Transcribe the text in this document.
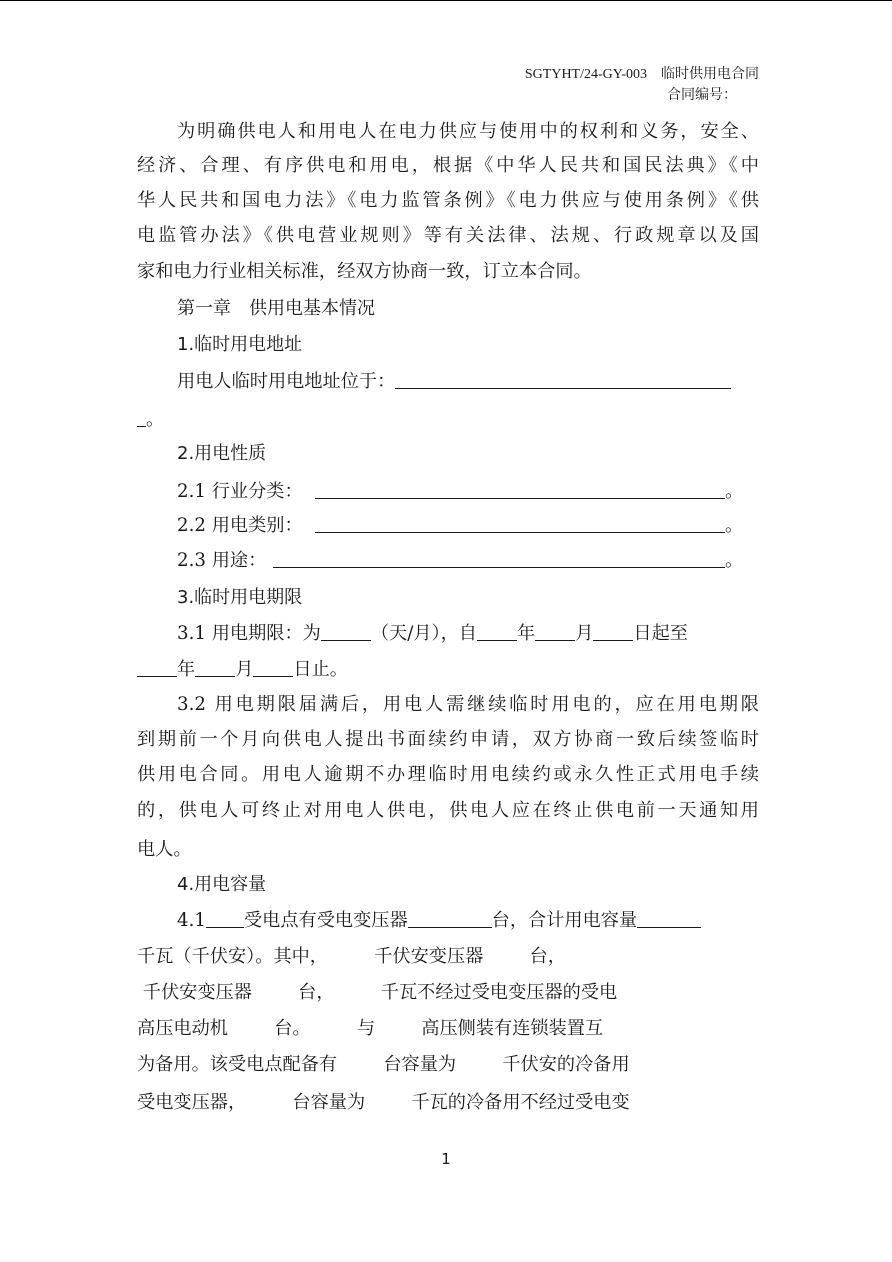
SGTYHT/24-GY-003 临时供用电合同
合同编号：
为明确供电人和用电人在电力供应与使用中的权利和义务，安全、
经济、合理、有序供电和用电，根据《中华人民共和国民法典》《中
华人民共和国电力法》《电力监管条例》《电力供应与使用条例》《供
电监管办法》《供电营业规则》等有关法律、法规、行政规章以及国
家和电力行业相关标准，经双方协商一致，订立本合同。
第一章　供用电基本情况
1.临时用电地址
用电人临时用电地址位于：
。
2.用电性质
2.1 行业分类：	。
2.2 用电类别：	。
2.3 用途：	。
3.临时用电期限
3.1 用电期限：为	（天/月），自 年 月 日起至
年 月 日止。
3.2 用电期限届满后，用电人需继续临时用电的，应在用电期限
到期前一个月向供电人提出书面续约申请，双方协商一致后续签临时
供用电合同。用电人逾期不办理临时用电续约或永久性正式用电手续
的，供电人可终止对用电人供电，供电人应在终止供电前一天通知用
电人。
4.用电容量
4.1 受电点有受电变压器	台，合计用电容量
千瓦（千伏安）。其中，        千伏安变压器        台，
千伏安变压器        台，        千瓦不经过受电变压器的受电
高压电动机        台。        与        高压侧装有连锁装置互
为备用。该受电点配备有        台容量为        千伏安的冷备用
受电变压器，        台容量为        千瓦的冷备用不经过受电变
1
